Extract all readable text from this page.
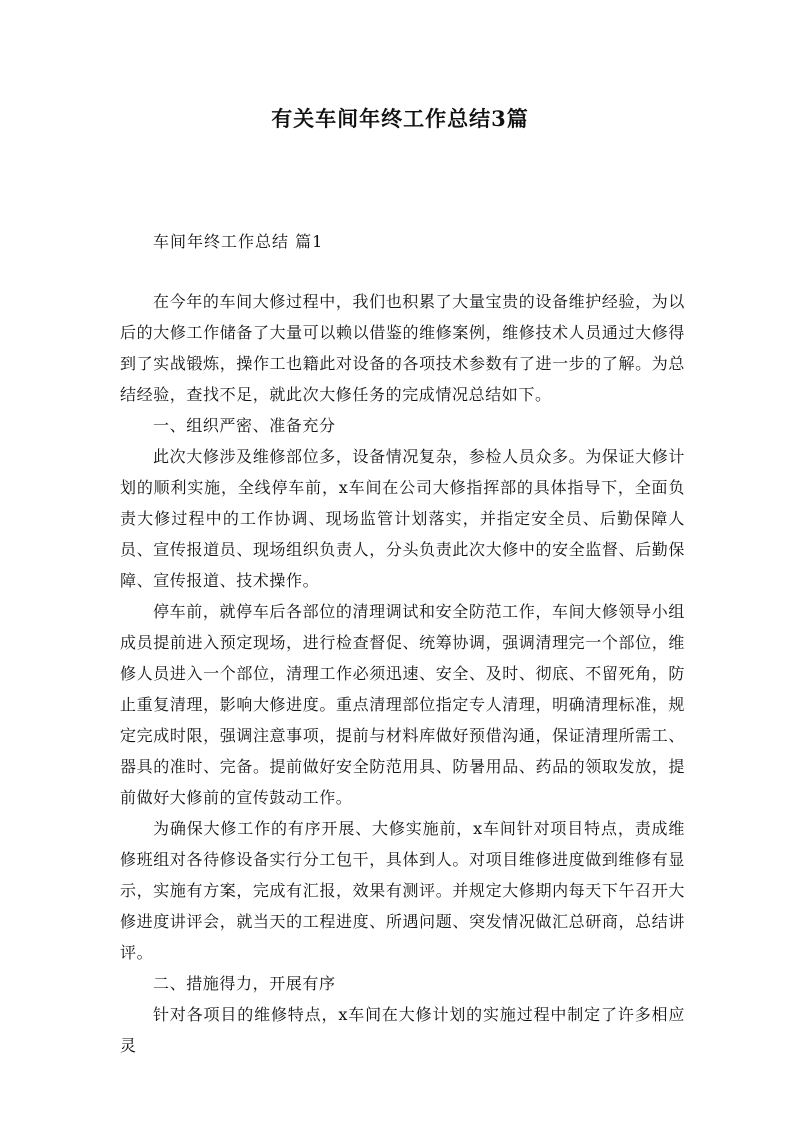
有关车间年终工作总结3篇
车间年终工作总结 篇1

在今年的车间大修过程中，我们也积累了大量宝贵的设备维护经验，为以后的大修工作储备了大量可以赖以借鉴的维修案例，维修技术人员通过大修得到了实战锻炼，操作工也籍此对设备的各项技术参数有了进一步的了解。为总结经验，查找不足，就此次大修任务的完成情况总结如下。

一、组织严密、准备充分

此次大修涉及维修部位多，设备情况复杂，参检人员众多。为保证大修计划的顺利实施，全线停车前，x车间在公司大修指挥部的具体指导下，全面负责大修过程中的工作协调、现场监管计划落实，并指定安全员、后勤保障人员、宣传报道员、现场组织负责人，分头负责此次大修中的安全监督、后勤保障、宣传报道、技术操作。

停车前，就停车后各部位的清理调试和安全防范工作，车间大修领导小组成员提前进入预定现场，进行检查督促、统筹协调，强调清理完一个部位，维修人员进入一个部位，清理工作必须迅速、安全、及时、彻底、不留死角，防止重复清理，影响大修进度。重点清理部位指定专人清理，明确清理标准，规定完成时限，强调注意事项，提前与材料库做好预借沟通，保证清理所需工、器具的准时、完备。提前做好安全防范用具、防暑用品、药品的领取发放，提前做好大修前的宣传鼓动工作。

为确保大修工作的有序开展、大修实施前，x车间针对项目特点，责成维修班组对各待修设备实行分工包干，具体到人。对项目维修进度做到维修有显示，实施有方案，完成有汇报，效果有测评。并规定大修期内每天下午召开大修进度讲评会，就当天的工程进度、所遇问题、突发情况做汇总研商，总结讲评。

二、措施得力，开展有序

针对各项目的维修特点，x车间在大修计划的实施过程中制定了许多相应灵
